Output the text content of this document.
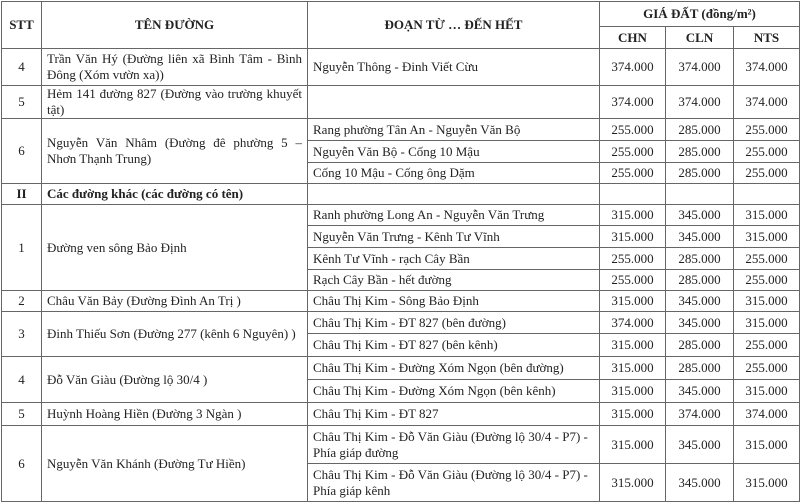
STT	TÊN ĐƯỜNG	ĐOẠN TỪ … ĐẾN HẾT	GIÁ ĐẤT (đồng/m²)		
			CHN	CLN	NTS
4	Trần Văn Hý (Đường liên xã Bình Tâm - Bình Đông (Xóm vườn xa))	Nguyễn Thông - Đinh Viết Cừu	374.000	374.000	374.000
5	Hẻm 141 đường 827 (Đường vào trường khuyết tật)		374.000	374.000	374.000
6	Nguyễn Văn Nhâm (Đường đê phường 5 – Nhơn Thạnh Trung)	Rang phường Tân An - Nguyễn Văn Bộ	255.000	285.000	255.000
		Nguyễn Văn Bộ - Cống 10 Mậu	255.000	285.000	255.000
		Cống 10 Mậu - Cống ông Dặm	255.000	285.000	255.000
II	Các đường khác (các đường có tên)				
1	Đường ven sông Bảo Định	Ranh phường Long An - Nguyễn Văn Trưng	315.000	345.000	315.000
		Nguyễn Văn Trưng - Kênh Tư Vĩnh	315.000	345.000	315.000
		Kênh Tư Vĩnh - rạch Cây Bần	255.000	285.000	255.000
		Rạch Cây Bần - hết đường	255.000	285.000	255.000
2	Châu Văn Bảy (Đường Đình An Trị )	Châu Thị Kim - Sông Bảo Định	315.000	345.000	315.000
3	Đinh Thiếu Sơn (Đường 277 (kênh 6 Nguyên) )	Châu Thị Kim - ĐT 827 (bên đường)	374.000	345.000	315.000
		Châu Thị Kim - ĐT 827 (bên kênh)	315.000	285.000	255.000
4	Đỗ Văn Giàu (Đường lộ 30/4 )	Châu Thị Kim - Đường Xóm Ngọn (bên đường)	315.000	285.000	255.000
		Châu Thị Kim - Đường Xóm Ngọn (bên kênh)	315.000	345.000	315.000
5	Huỳnh Hoàng Hiền (Đường 3 Ngàn )	Châu Thị Kim - ĐT 827	315.000	374.000	374.000
6	Nguyễn Văn Khánh (Đường Tư Hiền)	Châu Thị Kim - Đỗ Văn Giàu (Đường lộ 30/4 - P7) - Phía giáp đường	315.000	345.000	315.000
		Châu Thị Kim - Đỗ Văn Giàu (Đường lộ 30/4 - P7) - Phía giáp kênh	315.000	345.000	315.000
